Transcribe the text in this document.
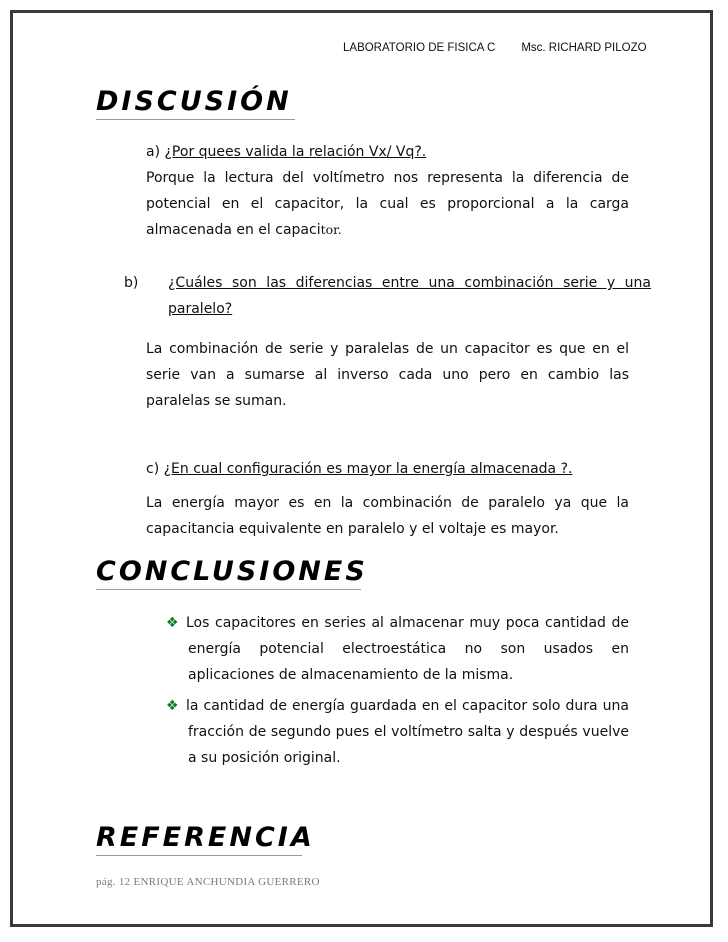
LABORATORIO DE FISICA C Msc. RICHARD PILOZO
DISCUSIÓN
a) ¿Por quees valida la relación Vx/ Vq?.
Porque la lectura del voltímetro nos representa la diferencia de potencial en el capacitor, la cual es proporcional a la carga almacenada en el capacitor.
b) ¿Cuáles son las diferencias entre una combinación serie y una paralelo?
La combinación de serie y paralelas de un capacitor es que en el serie van a sumarse al inverso cada uno pero en cambio las paralelas se suman.
c) ¿En cual configuración es mayor la energía almacenada ?.
La energía mayor es en la combinación de paralelo ya que la capacitancia equivalente en paralelo y el voltaje es mayor.
CONCLUSIONES
❖ Los capacitores en series al almacenar muy poca cantidad de energía potencial electroestática no son usados en aplicaciones de almacenamiento de la misma.
❖ la cantidad de energía guardada en el capacitor solo dura una fracción de segundo pues el voltímetro salta y después vuelve a su posición original.
REFERENCIA
pág. 12 ENRIQUE ANCHUNDIA GUERRERO
